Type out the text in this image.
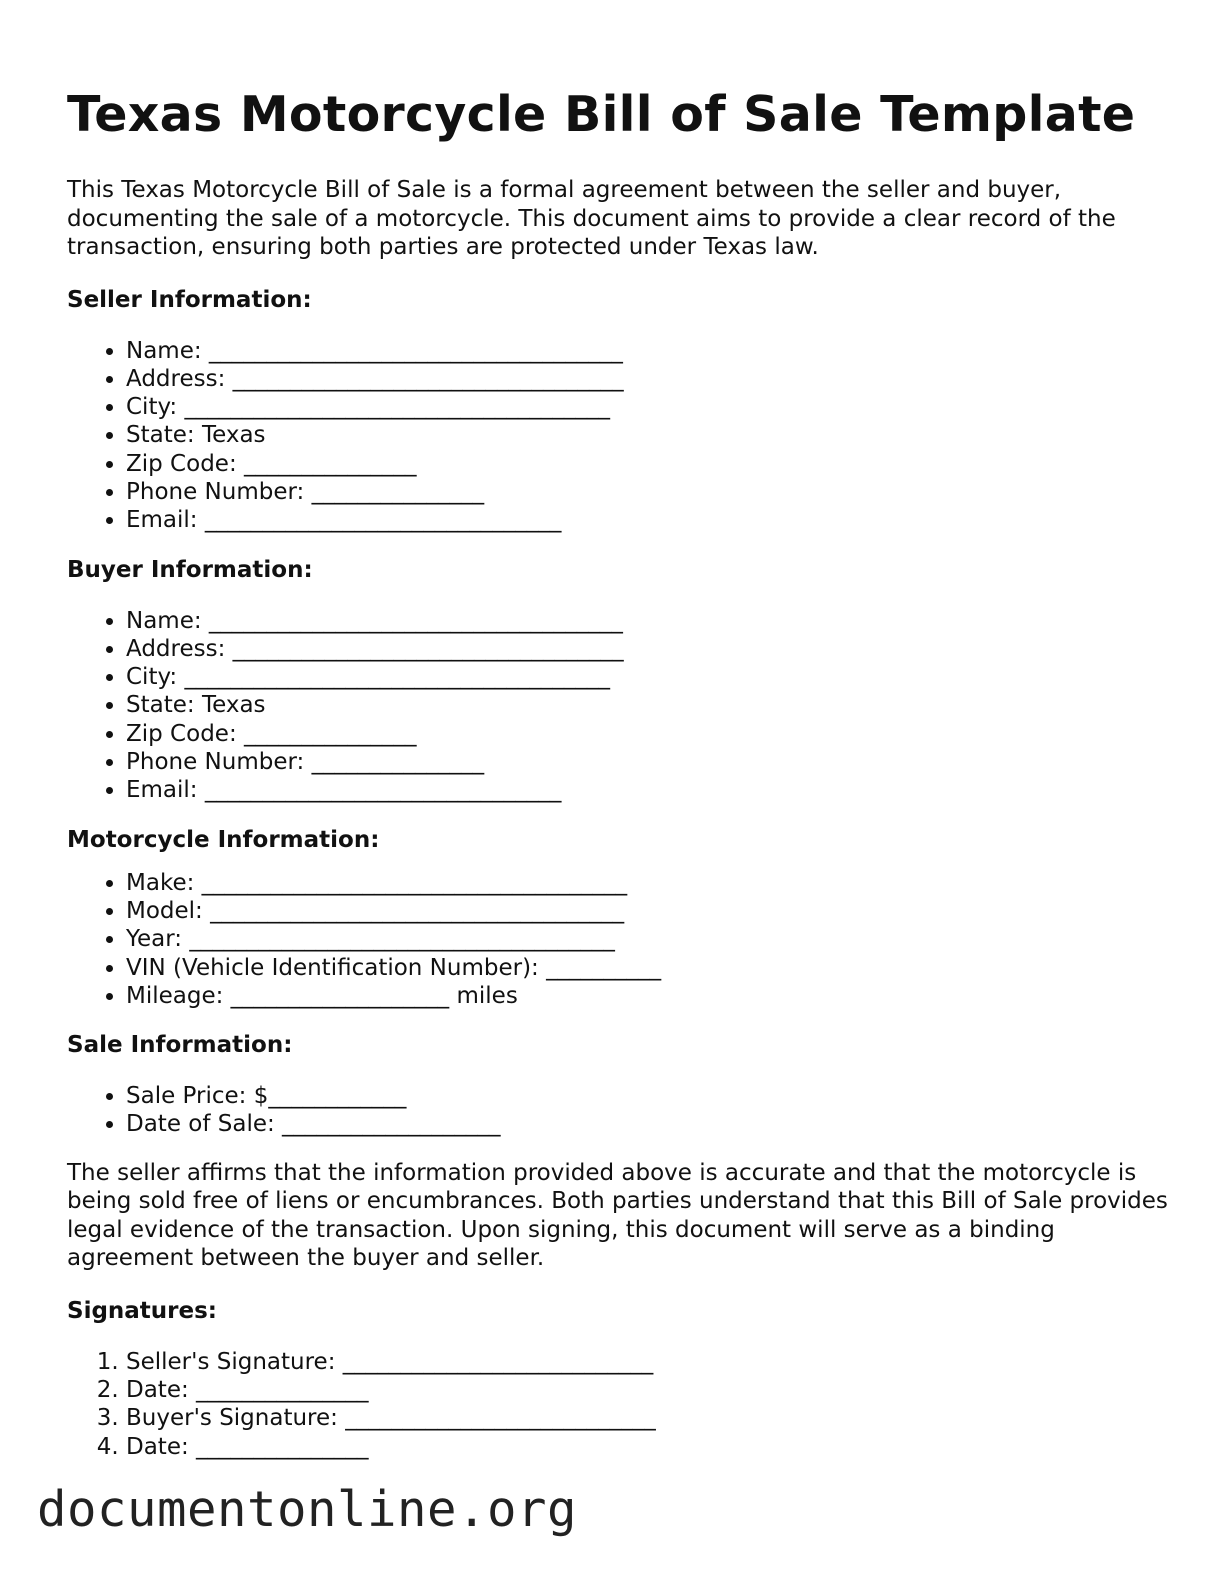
Texas Motorcycle Bill of Sale Template

This Texas Motorcycle Bill of Sale is a formal agreement between the seller and buyer, documenting the sale of a motorcycle. This document aims to provide a clear record of the transaction, ensuring both parties are protected under Texas law.

Seller Information:
• Name: ____________________________________
• Address: __________________________________
• City: _____________________________________
• State: Texas
• Zip Code: _______________
• Phone Number: _______________
• Email: _______________________________
Buyer Information:
• Name: ____________________________________
• Address: __________________________________
• City: _____________________________________
• State: Texas
• Zip Code: _______________
• Phone Number: _______________
• Email: _______________________________
Motorcycle Information:
• Make: _____________________________________
• Model: ____________________________________
• Year: _____________________________________
• VIN (Vehicle Identification Number): __________
• Mileage: ___________________ miles
Sale Information:
• Sale Price: $____________
• Date of Sale: ___________________

The seller affirms that the information provided above is accurate and that the motorcycle is being sold free of liens or encumbrances. Both parties understand that this Bill of Sale provides legal evidence of the transaction. Upon signing, this document will serve as a binding agreement between the buyer and seller.

Signatures:
1. Seller's Signature: ___________________________
2. Date: _______________
3. Buyer's Signature: ___________________________
4. Date: _______________
documentonline.org
